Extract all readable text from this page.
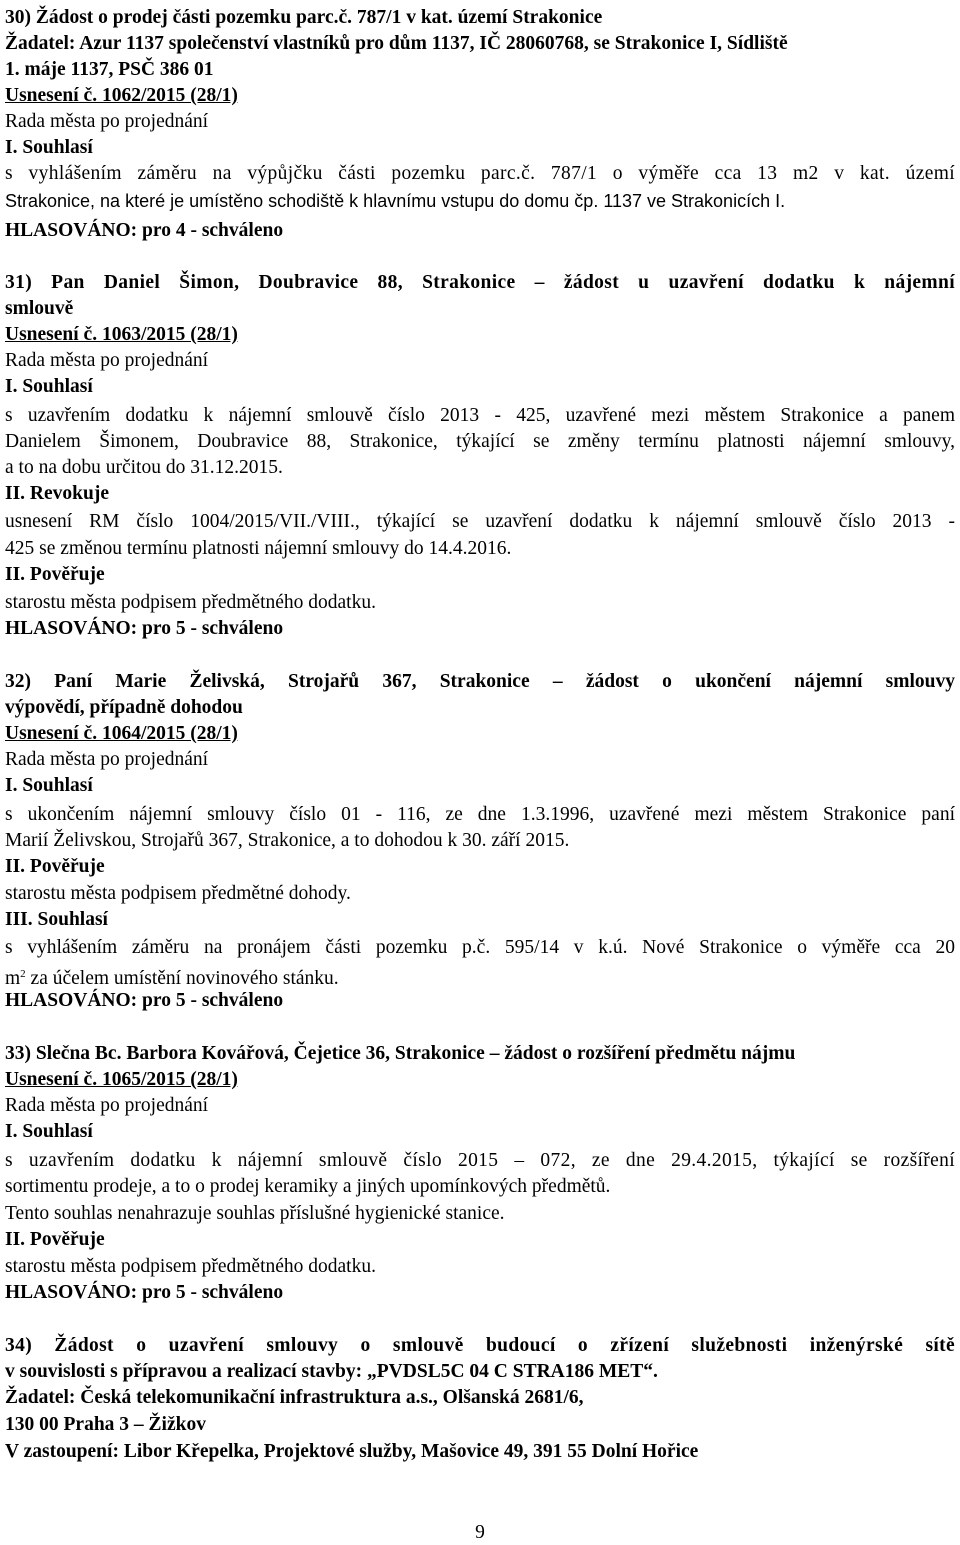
30) Žádost o prodej části pozemku parc.č. 787/1 v kat. území Strakonice
Žadatel: Azur 1137 společenství vlastníků pro dům 1137, IČ 28060768, se Strakonice I, Sídliště
1. máje 1137, PSČ 386 01
Usnesení č. 1062/2015 (28/1)
Rada města po projednání
I. Souhlasí
s vyhlášením záměru na výpůjčku části pozemku parc.č. 787/1 o výměře cca 13 m2 v kat. území
Strakonice, na které je umístěno schodiště k hlavnímu vstupu do domu čp. 1137 ve Strakonicích I.
HLASOVÁNO: pro 4 - schváleno
31) Pan Daniel Šimon, Doubravice 88, Strakonice – žádost u uzavření dodatku k nájemní
smlouvě
Usnesení č. 1063/2015 (28/1)
Rada města po projednání
I. Souhlasí
s uzavřením dodatku k nájemní smlouvě číslo 2013 - 425, uzavřené mezi městem Strakonice a panem
Danielem Šimonem, Doubravice 88, Strakonice, týkající se změny termínu platnosti nájemní smlouvy,
a to na dobu určitou do 31.12.2015.
II. Revokuje
usnesení RM číslo 1004/2015/VII./VIII., týkající se uzavření dodatku k nájemní smlouvě číslo 2013 -
425 se změnou termínu platnosti nájemní smlouvy do 14.4.2016.
II. Pověřuje
starostu města podpisem předmětného dodatku.
HLASOVÁNO: pro 5 - schváleno
32) Paní Marie Želivská, Strojařů 367, Strakonice – žádost o ukončení nájemní smlouvy
výpovědí, případně dohodou
Usnesení č. 1064/2015 (28/1)
Rada města po projednání
I. Souhlasí
s ukončením nájemní smlouvy číslo 01 - 116, ze dne 1.3.1996, uzavřené mezi městem Strakonice paní
Marií Želivskou, Strojařů 367, Strakonice, a to dohodou k 30. září 2015.
II. Pověřuje
starostu města podpisem předmětné dohody.
III. Souhlasí
s vyhlášením záměru na pronájem části pozemku p.č. 595/14 v k.ú. Nové Strakonice o výměře cca 20
$m^2$ za účelem umístění novinového stánku.
HLASOVÁNO: pro 5 - schváleno
33) Slečna Bc. Barbora Kovářová, Čejetice 36, Strakonice – žádost o rozšíření předmětu nájmu
Usnesení č. 1065/2015 (28/1)
Rada města po projednání
I. Souhlasí
s uzavřením dodatku k nájemní smlouvě číslo 2015 – 072, ze dne 29.4.2015, týkající se rozšíření
sortimentu prodeje, a to o prodej keramiky a jiných upomínkových předmětů.
Tento souhlas nenahrazuje souhlas příslušné hygienické stanice.
II. Pověřuje
starostu města podpisem předmětného dodatku.
HLASOVÁNO: pro 5 - schváleno
34) Žádost o uzavření smlouvy o smlouvě budoucí o zřízení služebnosti inženýrské sítě
v souvislosti s přípravou a realizací stavby: „PVDSL5C 04 C STRA186 MET“.
Žadatel: Česká telekomunikační infrastruktura a.s., Olšanská 2681/6,
130 00 Praha 3 – Žižkov
V zastoupení: Libor Křepelka, Projektové služby, Mašovice 49, 391 55 Dolní Hořice
9
